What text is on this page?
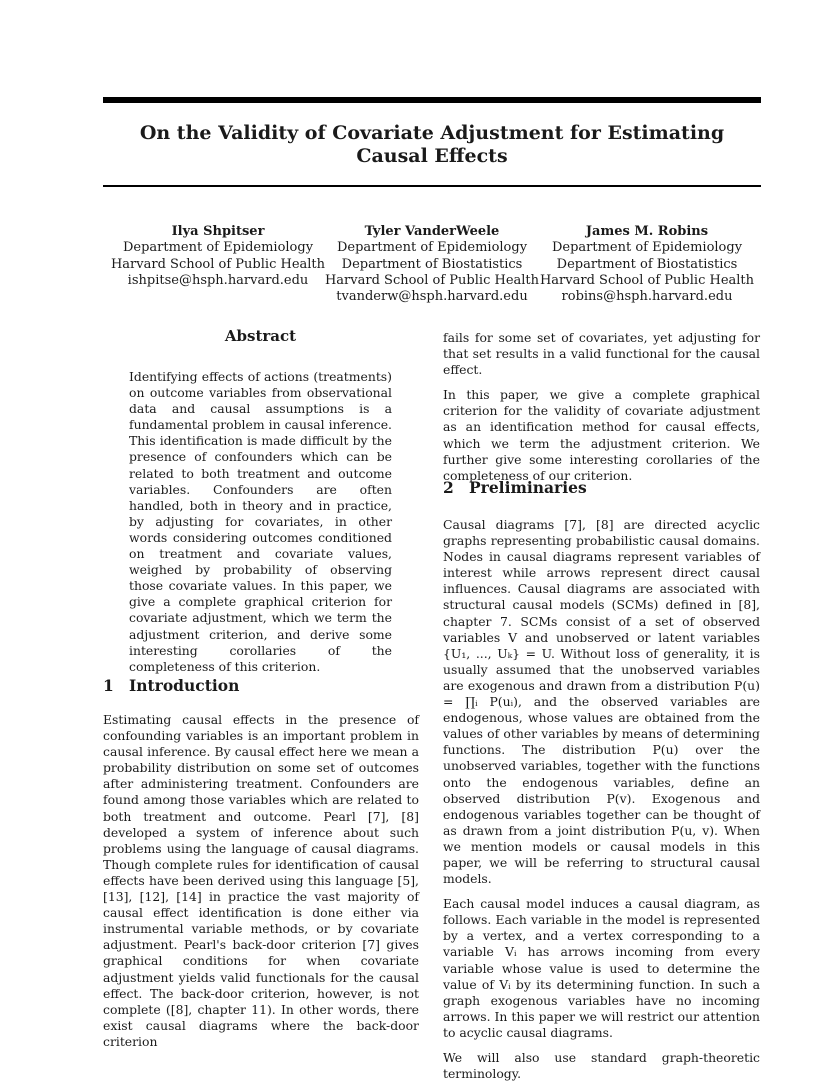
On the Validity of Covariate Adjustment for Estimating Causal Effects
Ilya Shpitser
Department of Epidemiology
Harvard School of Public Health
ishpitse@hsph.harvard.edu
Tyler VanderWeele
Department of Epidemiology
Department of Biostatistics
Harvard School of Public Health
tvanderw@hsph.harvard.edu
James M. Robins
Department of Epidemiology
Department of Biostatistics
Harvard School of Public Health
robins@hsph.harvard.edu
Abstract

Identifying effects of actions (treatments) on outcome variables from observational data and causal assumptions is a fundamental problem in causal inference. This identification is made difficult by the presence of confounders which can be related to both treatment and outcome variables. Confounders are often handled, both in theory and in practice, by adjusting for covariates, in other words considering outcomes conditioned on treatment and covariate values, weighed by probability of observing those covariate values. In this paper, we give a complete graphical criterion for covariate adjustment, which we term the adjustment criterion, and derive some interesting corollaries of the completeness of this criterion.

1 Introduction

Estimating causal effects in the presence of confounding variables is an important problem in causal inference. By causal effect here we mean a probability distribution on some set of outcomes after administering treatment. Confounders are found among those variables which are related to both treatment and outcome. Pearl [7], [8] developed a system of inference about such problems using the language of causal diagrams. Though complete rules for identification of causal effects have been derived using this language [5], [13], [12], [14] in practice the vast majority of causal effect identification is done either via instrumental variable methods, or by covariate adjustment. Pearl's back-door criterion [7] gives graphical conditions for when covariate adjustment yields valid functionals for the causal effect. The back-door criterion, however, is not complete ([8], chapter 11). In other words, there exist causal diagrams where the back-door criterion

fails for some set of covariates, yet adjusting for that set results in a valid functional for the causal effect.

In this paper, we give a complete graphical criterion for the validity of covariate adjustment as an identification method for causal effects, which we term the adjustment criterion. We further give some interesting corollaries of the completeness of our criterion.

2 Preliminaries

Causal diagrams [7], [8] are directed acyclic graphs representing probabilistic causal domains. Nodes in causal diagrams represent variables of interest while arrows represent direct causal influences. Causal diagrams are associated with structural causal models (SCMs) defined in [8], chapter 7. SCMs consist of a set of observed variables V and unobserved or latent variables {U₁, ..., Uₖ} = U. Without loss of generality, it is usually assumed that the unobserved variables are exogenous and drawn from a distribution P(u) = ∏ᵢ P(uᵢ), and the observed variables are endogenous, whose values are obtained from the values of other variables by means of determining functions. The distribution P(u) over the unobserved variables, together with the functions onto the endogenous variables, define an observed distribution P(v). Exogenous and endogenous variables together can be thought of as drawn from a joint distribution P(u, v). When we mention models or causal models in this paper, we will be referring to structural causal models.

Each causal model induces a causal diagram, as follows. Each variable in the model is represented by a vertex, and a vertex corresponding to a variable Vᵢ has arrows incoming from every variable whose value is used to determine the value of Vᵢ by its determining function. In such a graph exogenous variables have no incoming arrows. In this paper we will restrict our attention to acyclic causal diagrams.

We will also use standard graph-theoretic terminology.
